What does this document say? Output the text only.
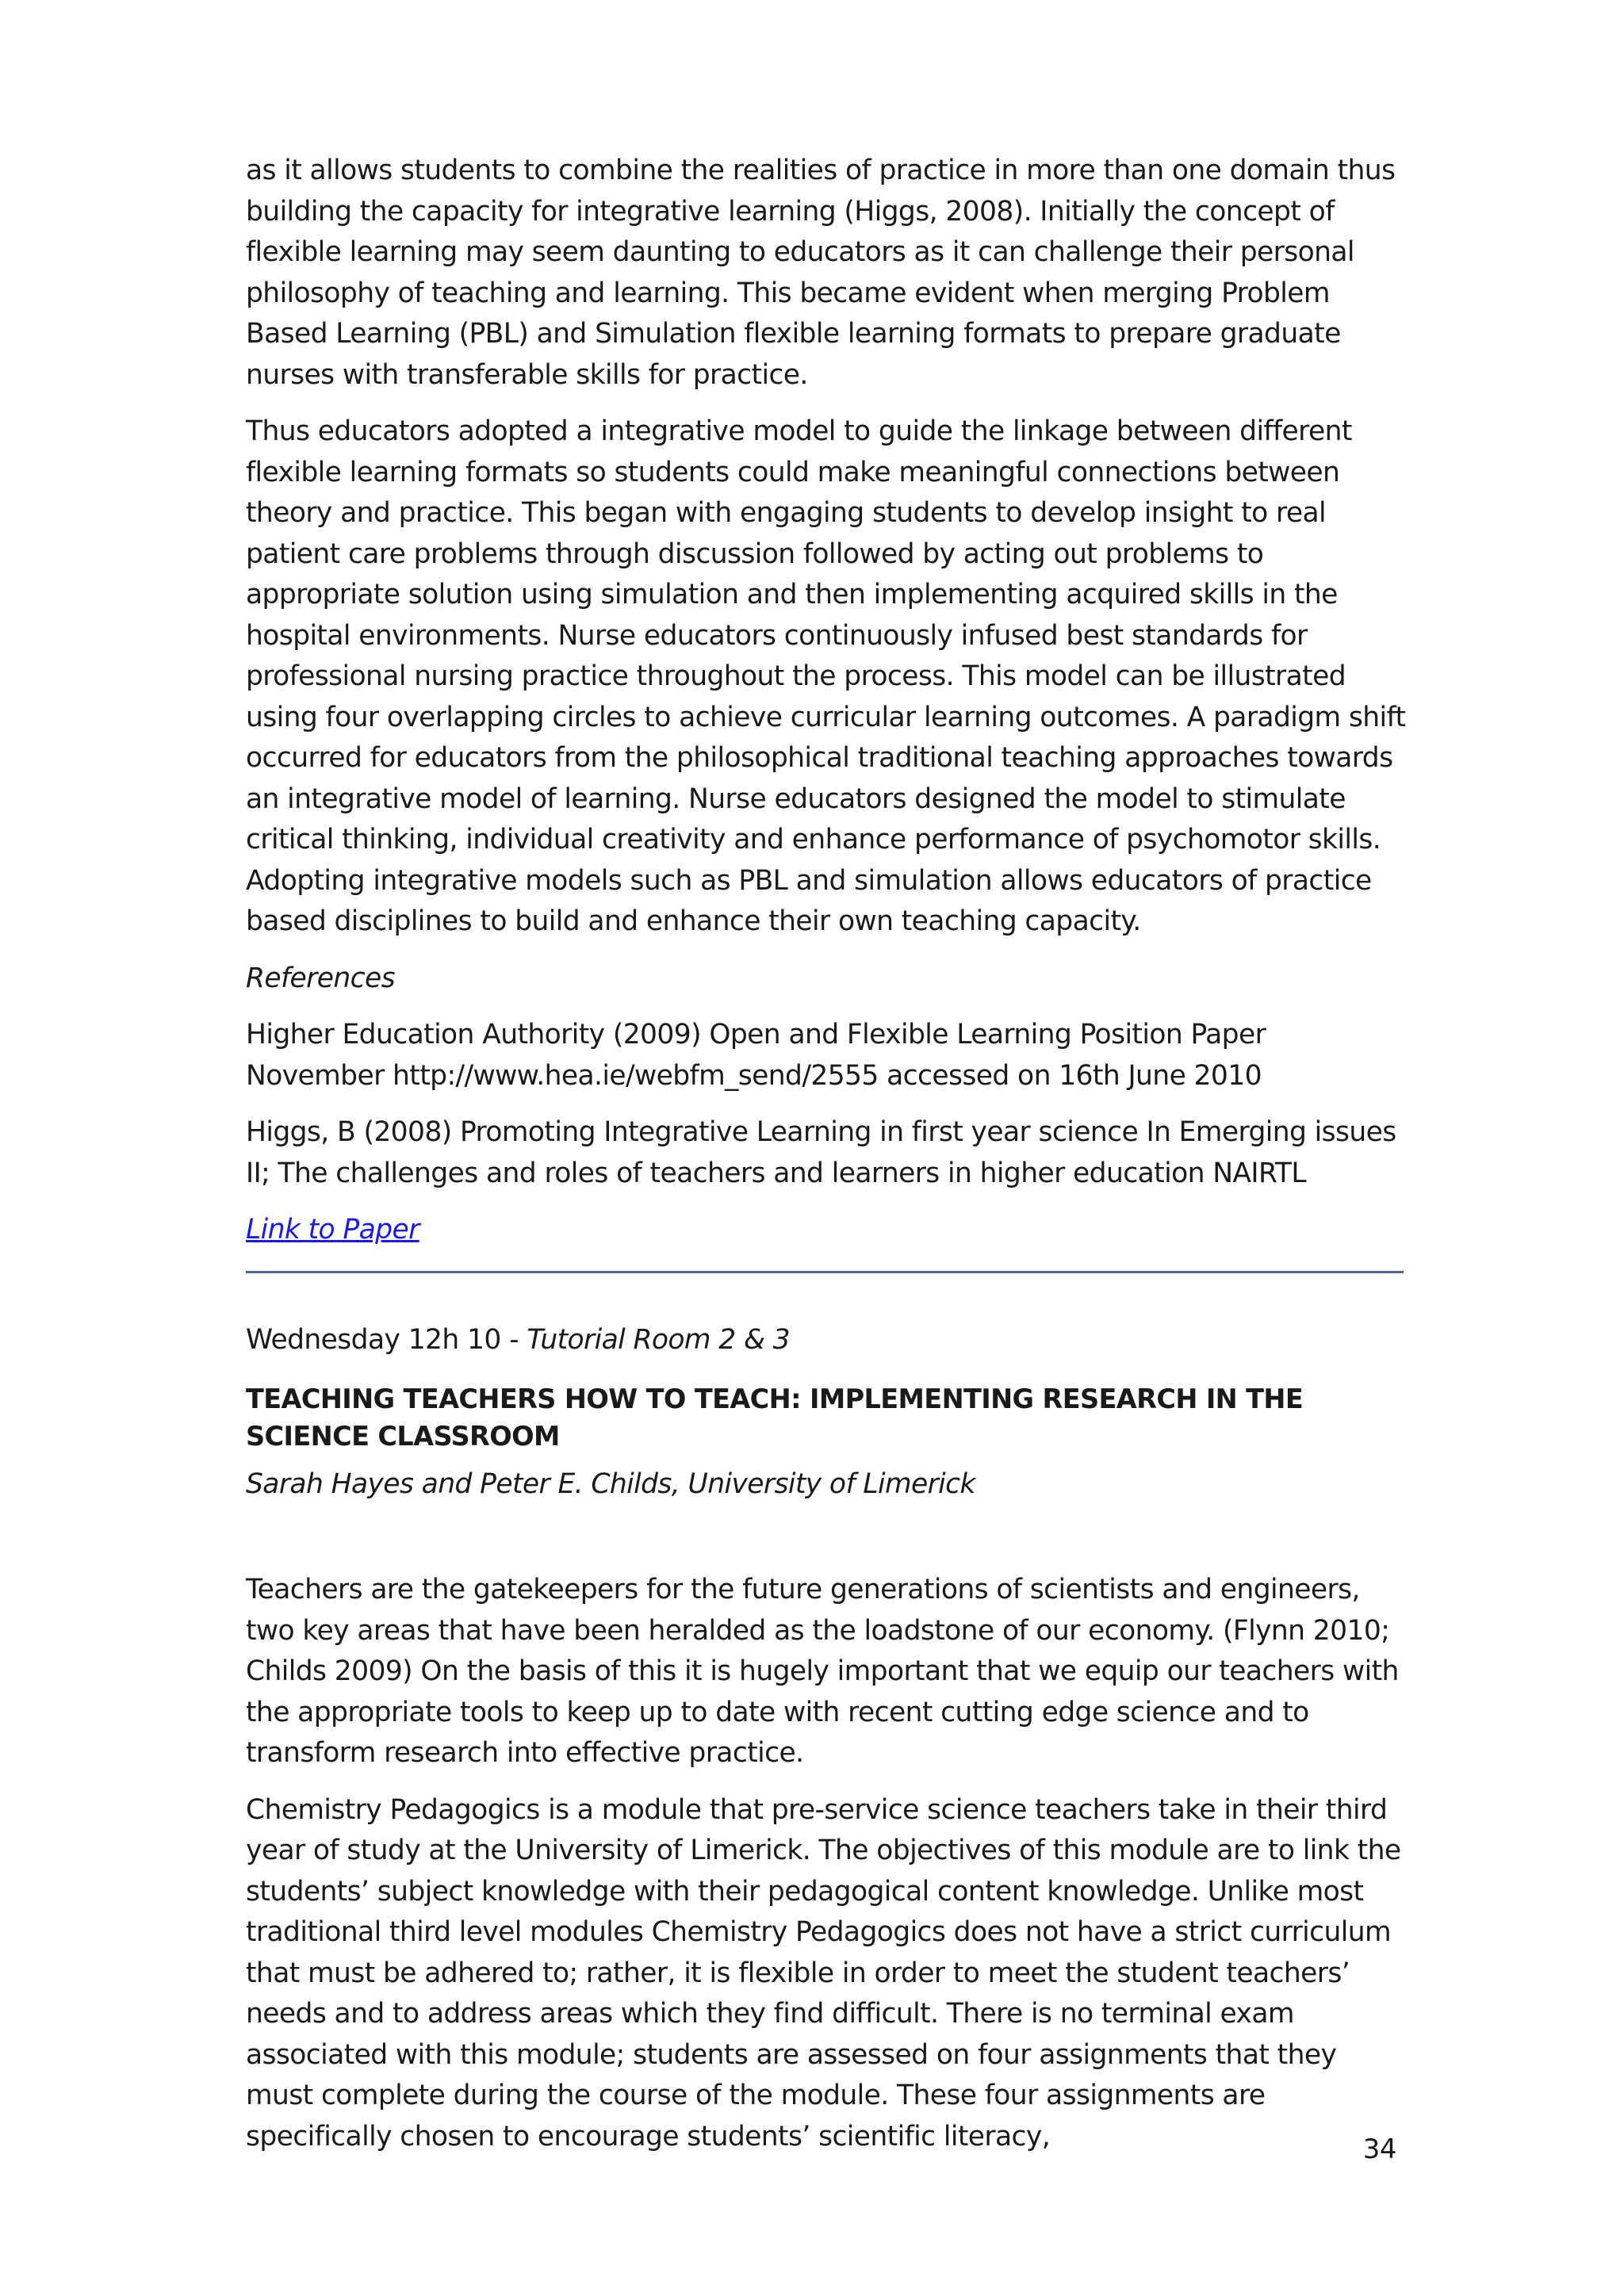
as it allows students to combine the realities of practice in more than one domain thus building the capacity for integrative learning (Higgs, 2008). Initially the concept of flexible learning may seem daunting to educators as it can challenge their personal philosophy of teaching and learning. This became evident when merging Problem Based Learning (PBL) and Simulation flexible learning formats to prepare graduate nurses with transferable skills for practice.

Thus educators adopted a integrative model to guide the linkage between different flexible learning formats so students could make meaningful connections between theory and practice. This began with engaging students to develop insight to real patient care problems through discussion followed by acting out problems to appropriate solution using simulation and then implementing acquired skills in the hospital environments. Nurse educators continuously infused best standards for professional nursing practice throughout the process. This model can be illustrated using four overlapping circles to achieve curricular learning outcomes. A paradigm shift occurred for educators from the philosophical traditional teaching approaches towards an integrative model of learning. Nurse educators designed the model to stimulate critical thinking, individual creativity and enhance performance of psychomotor skills. Adopting integrative models such as PBL and simulation allows educators of practice based disciplines to build and enhance their own teaching capacity.

References

Higher Education Authority (2009) Open and Flexible Learning Position Paper November http://www.hea.ie/webfm_send/2555 accessed on 16th June 2010

Higgs, B (2008) Promoting Integrative Learning in first year science In Emerging issues II; The challenges and roles of teachers and learners in higher education NAIRTL

Link to Paper

Wednesday 12h 10 - Tutorial Room 2 & 3

TEACHING TEACHERS HOW TO TEACH: IMPLEMENTING RESEARCH IN THE SCIENCE CLASSROOM

Sarah Hayes and Peter E. Childs, University of Limerick

Teachers are the gatekeepers for the future generations of scientists and engineers, two key areas that have been heralded as the loadstone of our economy. (Flynn 2010; Childs 2009) On the basis of this it is hugely important that we equip our teachers with the appropriate tools to keep up to date with recent cutting edge science and to transform research into effective practice.

Chemistry Pedagogics is a module that pre-service science teachers take in their third year of study at the University of Limerick. The objectives of this module are to link the students’ subject knowledge with their pedagogical content knowledge. Unlike most traditional third level modules Chemistry Pedagogics does not have a strict curriculum that must be adhered to; rather, it is flexible in order to meet the student teachers’ needs and to address areas which they find difficult. There is no terminal exam associated with this module; students are assessed on four assignments that they must complete during the course of the module. These four assignments are specifically chosen to encourage students’ scientific literacy,	34
